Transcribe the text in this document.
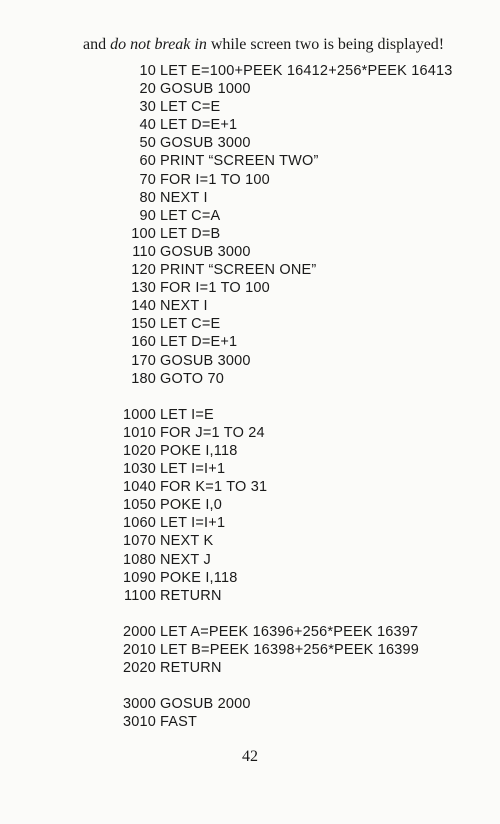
and do not break in while screen two is being displayed!
10 LET E=100+PEEK 16412+256*PEEK 16413
20 GOSUB 1000
30 LET C=E
40 LET D=E+1
50 GOSUB 3000
60 PRINT “SCREEN TWO”
70 FOR I=1 TO 100
80 NEXT I
90 LET C=A
100 LET D=B
110 GOSUB 3000
120 PRINT “SCREEN ONE”
130 FOR I=1 TO 100
140 NEXT I
150 LET C=E
160 LET D=E+1
170 GOSUB 3000
180 GOTO 70
1000 LET I=E
1010 FOR J=1 TO 24
1020 POKE I,118
1030 LET I=I+1
1040 FOR K=1 TO 31
1050 POKE I,0
1060 LET I=I+1
1070 NEXT K
1080 NEXT J
1090 POKE I,118
1100 RETURN
2000 LET A=PEEK 16396+256*PEEK 16397
2010 LET B=PEEK 16398+256*PEEK 16399
2020 RETURN
3000 GOSUB 2000
3010 FAST
42
